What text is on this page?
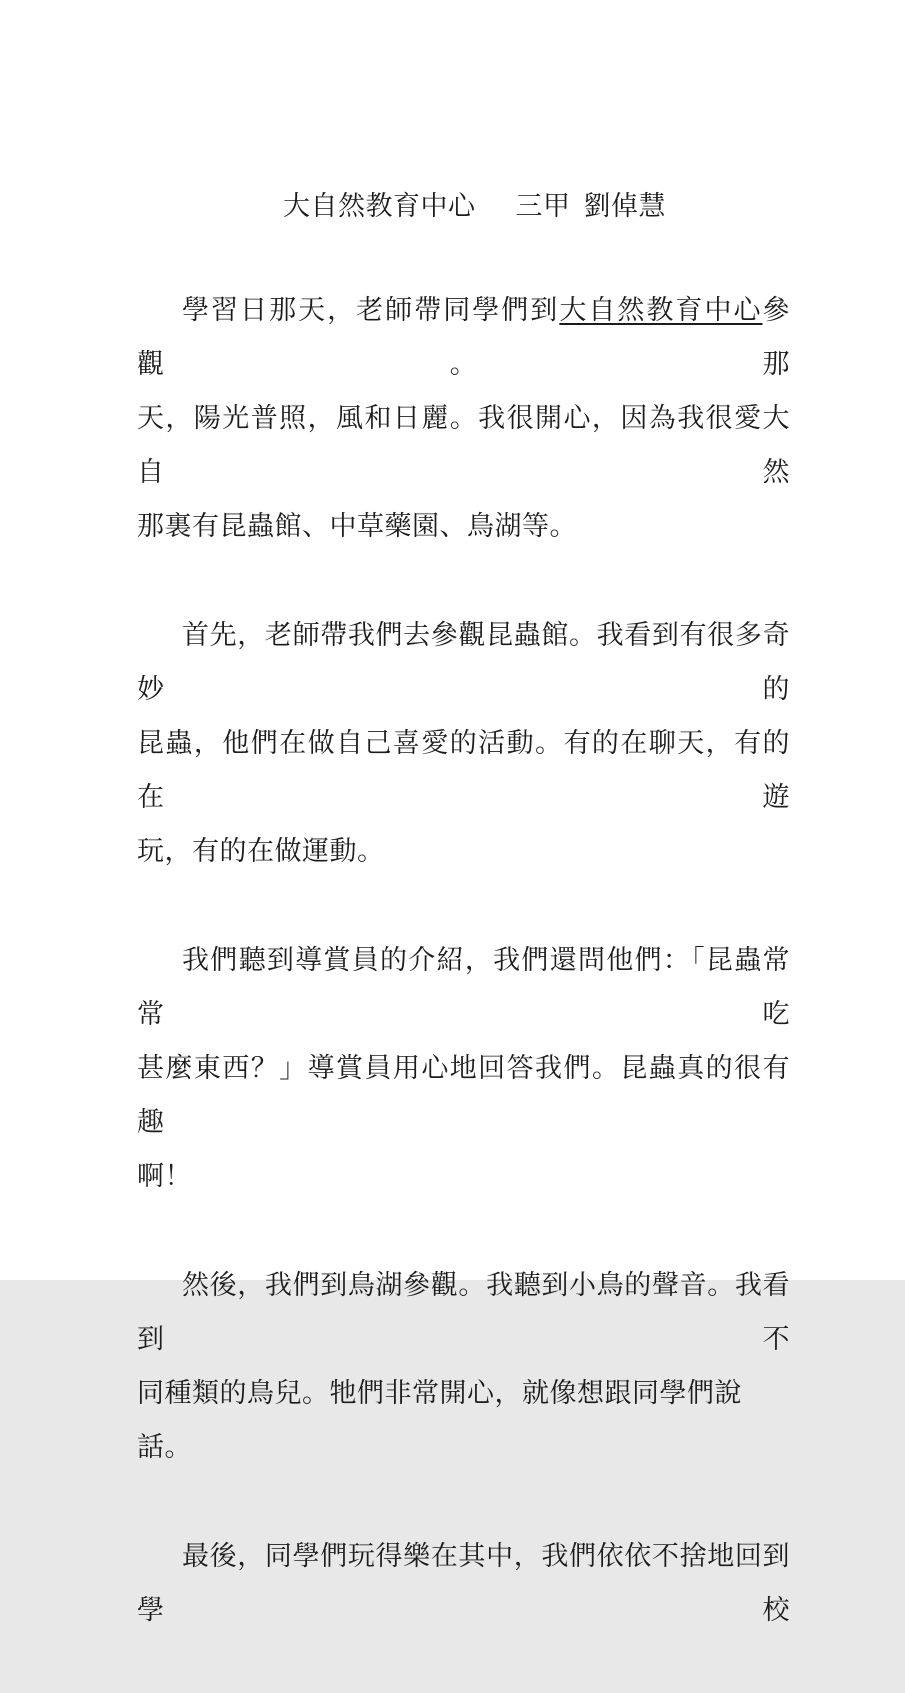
大自然教育中心 三甲 劉倬慧
學習日那天，老師帶同學們到大自然教育中心參觀。那
天，陽光普照，風和日麗。我很開心，因為我很愛大自然
那裏有昆蟲館、中草藥園、鳥湖等。
首先，老師帶我們去參觀昆蟲館。我看到有很多奇妙的
昆蟲，他們在做自己喜愛的活動。有的在聊天，有的在遊
玩，有的在做運動。
我們聽到導賞員的介紹，我們還問他們：「昆蟲常常吃
甚麼東西？」導賞員用心地回答我們。昆蟲真的很有趣
啊！
然後，我們到鳥湖參觀。我聽到小鳥的聲音。我看到不
同種類的鳥兒。牠們非常開心，就像想跟同學們說話。
最後，同學們玩得樂在其中，我們依依不捨地回到學校
